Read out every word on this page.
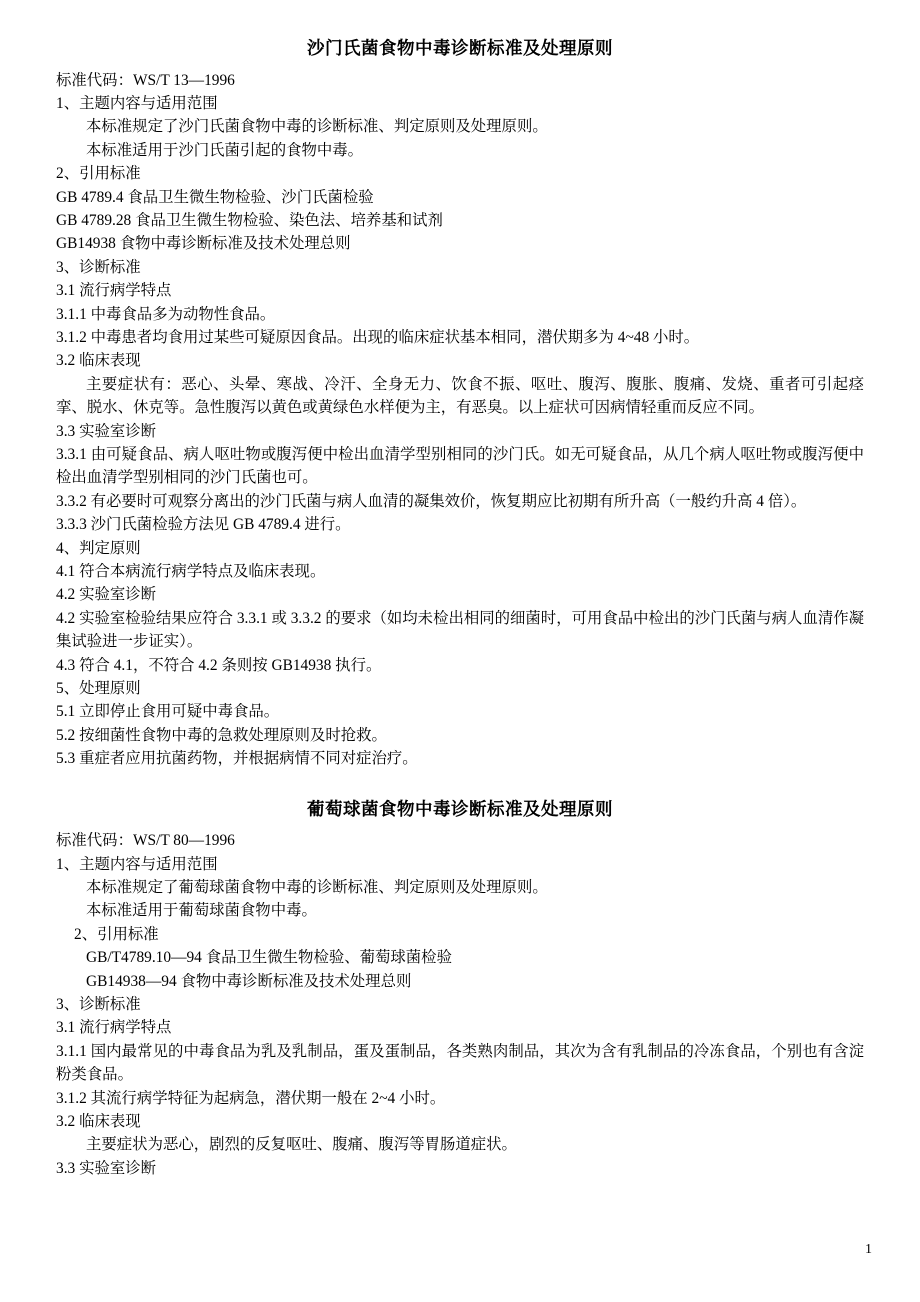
沙门氏菌食物中毒诊断标准及处理原则

标准代码：WS/T 13—1996

1、主题内容与适用范围

本标准规定了沙门氏菌食物中毒的诊断标准、判定原则及处理原则。

本标准适用于沙门氏菌引起的食物中毒。

2、引用标准

GB 4789.4 食品卫生微生物检验、沙门氏菌检验

GB 4789.28 食品卫生微生物检验、染色法、培养基和试剂

GB14938 食物中毒诊断标准及技术处理总则

3、诊断标准

3.1 流行病学特点

3.1.1 中毒食品多为动物性食品。

3.1.2 中毒患者均食用过某些可疑原因食品。出现的临床症状基本相同，潜伏期多为 4~48 小时。

3.2 临床表现

主要症状有：恶心、头晕、寒战、冷汗、全身无力、饮食不振、呕吐、腹泻、腹胀、腹痛、发烧、重者可引起痉挛、脱水、休克等。急性腹泻以黄色或黄绿色水样便为主，有恶臭。以上症状可因病情轻重而反应不同。

3.3 实验室诊断

3.3.1 由可疑食品、病人呕吐物或腹泻便中检出血清学型别相同的沙门氏。如无可疑食品，从几个病人呕吐物或腹泻便中检出血清学型别相同的沙门氏菌也可。

3.3.2 有必要时可观察分离出的沙门氏菌与病人血清的凝集效价，恢复期应比初期有所升高（一般约升高 4 倍）。

3.3.3 沙门氏菌检验方法见 GB 4789.4 进行。

4、判定原则

4.1 符合本病流行病学特点及临床表现。

4.2 实验室诊断

4.2 实验室检验结果应符合 3.3.1 或 3.3.2 的要求（如均未检出相同的细菌时，可用食品中检出的沙门氏菌与病人血清作凝集试验进一步证实）。

4.3 符合 4.1，不符合 4.2 条则按 GB14938 执行。

5、处理原则

5.1 立即停止食用可疑中毒食品。

5.2 按细菌性食物中毒的急救处理原则及时抢救。

5.3 重症者应用抗菌药物，并根据病情不同对症治疗。

葡萄球菌食物中毒诊断标准及处理原则

标准代码：WS/T 80—1996

1、主题内容与适用范围

本标准规定了葡萄球菌食物中毒的诊断标准、判定原则及处理原则。

本标准适用于葡萄球菌食物中毒。

2、引用标准

GB/T4789.10—94 食品卫生微生物检验、葡萄球菌检验

GB14938—94 食物中毒诊断标准及技术处理总则

3、诊断标准

3.1 流行病学特点

3.1.1 国内最常见的中毒食品为乳及乳制品，蛋及蛋制品，各类熟肉制品，其次为含有乳制品的冷冻食品，个别也有含淀粉类食品。

3.1.2 其流行病学特征为起病急，潜伏期一般在 2~4 小时。

3.2 临床表现

主要症状为恶心，剧烈的反复呕吐、腹痛、腹泻等胃肠道症状。

3.3 实验室诊断

1
